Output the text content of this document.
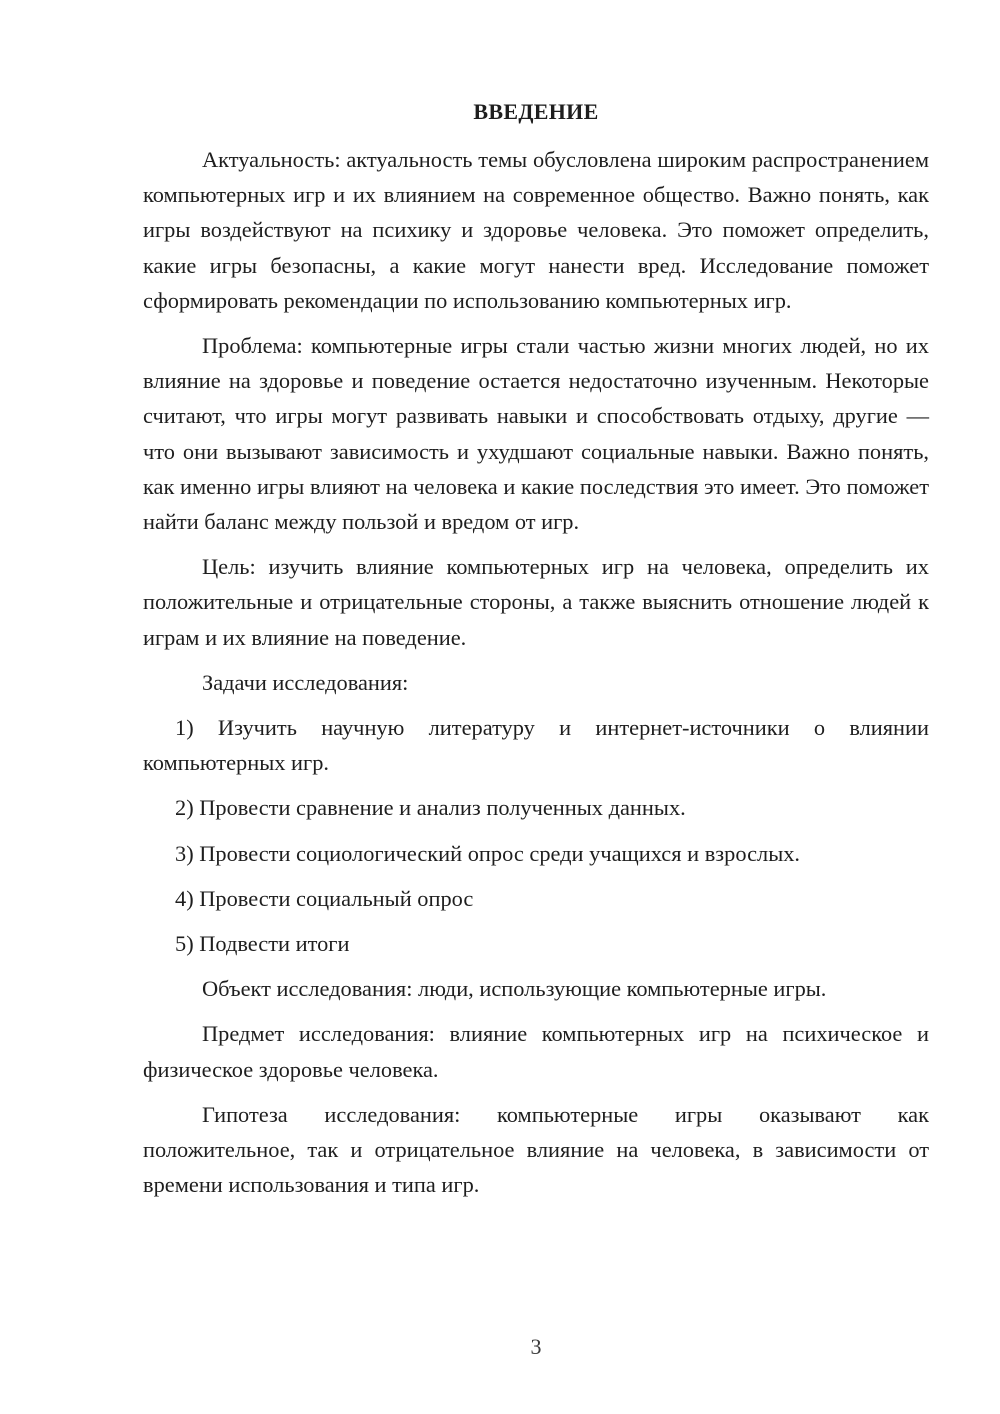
ВВЕДЕНИЕ

Актуальность: актуальность темы обусловлена широким распространением компьютерных игр и их влиянием на современное общество. Важно понять, как игры воздействуют на психику и здоровье человека. Это поможет определить, какие игры безопасны, а какие могут нанести вред. Исследование поможет сформировать рекомендации по использованию компьютерных игр.

Проблема: компьютерные игры стали частью жизни многих людей, но их влияние на здоровье и поведение остается недостаточно изученным. Некоторые считают, что игры могут развивать навыки и способствовать отдыху, другие — что они вызывают зависимость и ухудшают социальные навыки. Важно понять, как именно игры влияют на человека и какие последствия это имеет. Это поможет найти баланс между пользой и вредом от игр.

Цель: изучить влияние компьютерных игр на человека, определить их положительные и отрицательные стороны, а также выяснить отношение людей к играм и их влияние на поведение.

Задачи исследования:

1) Изучить научную литературу и интернет-источники о влиянии компьютерных игр.

2) Провести сравнение и анализ полученных данных.

3) Провести социологический опрос среди учащихся и взрослых.

4) Провести социальный опрос

5) Подвести итоги

Объект исследования: люди, использующие компьютерные игры.

Предмет исследования: влияние компьютерных игр на психическое и физическое здоровье человека.

Гипотеза исследования: компьютерные игры оказывают как положительное, так и отрицательное влияние на человека, в зависимости от времени использования и типа игр.

3
